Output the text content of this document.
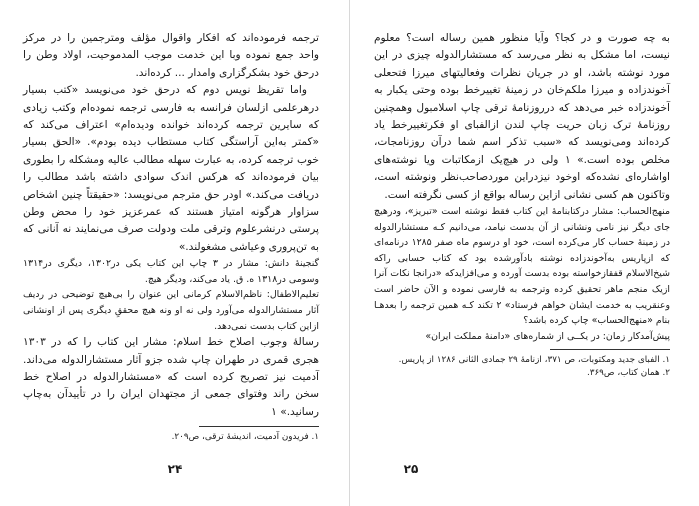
ترجمه فرموده‌اند که افکار واقوال مؤلف ومترجمین را در مرکز واحد جمع نموده وبا این خدمت موجب المدموحیت، اولاد وطن را درحق خود بشکرگزاری وامدار ... کرده‌اند.

واما تقریظ نویس دوم که درحق خود می‌نویسد «کتب بسیار درهرعلمی ازلسان فرانسه به فارسی ترجمه نموده‌ام وکتب زیادی که سایرین ترجمه کرده‌اند خوانده ودیده‌ام» اعتراف می‌کند که «کمتر به‌این آراستگی کتاب مستطاب دیده بودم». «الحق بسیار خوب ترجمه کرده، به عبارت سهله مطالب عالیه ومشکله را بطوری بیان فرموده‌اند که هرکس اندک سوادی داشته باشد مطالب را دریافت می‌کند.» اودر حق مترجم می‌نویسد: «حقیقتاً چنین اشخاص سزاوار هرگونه امتیاز هستند که عمرعزیز خود را محض وطن پرستی درنشرعلوم وترقی ملت ودولت صرف می‌نمایند نه آنانی که به تن‌پروری وعیاشی مشغولند.»

گنجینهٔ دانش: مشار در ۳ چاپ این کتاب یکی در۱۳۰۲، دیگری در۱۳۱۴ وسومی در۱۳۱۸ ه. ق. یاد می‌کند، ودیگر هیچ.

تعلیم‌الاطفال: ناظم‌الاسلام کرمانی این عنوان را بی‌هیچ توضیحی در ردیف آثار مستشارالدوله می‌آورد ولی نه او ونه هیچ محققِ دیگری پس از اونشانی ازاین کتاب بدست نمی‌دهد.

رسالهٔ وجوب اصلاح خط اسلام: مشار این کتاب را که در ۱۳۰۳ هجری قمری در طهران چاپ شده جزو آثار مستشارالدوله می‌داند. آدمیت نیز تصریح کرده است که «مستشارالدوله در اصلاح خط سخن راند وفتوای جمعی از مجتهدان ایران را در تأییدآن به‌چاپ رسانید.» ۱

۱. فریدون آدمیت، اندیشهٔ ترقی، ص۲۰۹.

۲۴

به چه صورت و در کجا؟ وآیا منظور همین رساله است؟ معلوم نیست، اما مشکل به نظر می‌رسد که مستشارالدوله چیزی در این مورد نوشته باشد، او در جریان نظرات وفعالیتهای میرزا فتحعلی آخوندزاده و میرزا ملکم‌خان در زمینهٔ تغییرخط بوده وحتی یکبار به آخوندزاده خبر می‌دهد که درروزنامهٔ ترقی چاپ اسلامبول وهمچنین روزنامهٔ ترک زبان حریت چاپ لندن ازالفبای او فکرتغییرخط یاد کرده‌اند ومی‌نویسد که «سبب تذکر اسم شما درآن روزنامجات، مخلص بوده است.» ۱ ولی در هیچ‌یک ازمکاتبات ویا نوشته‌های اواشاره‌ای نشده‌که اوخود نیزدراین موردصاحب‌نظر ونوشته است، وتاکنون هم کسی نشانی ازاین رساله بواقع از کسی نگرفته است.

منهج‌الحساب: مشار درکتابنامهٔ این کتاب فقط نوشته است «تبریز»، ودرهیچ جای دیگر نیز نامی ونشانی از آن بدست نیامد، می‌دانیم کـه مستشارالدوله در زمینهٔ حساب کار می‌کرده است، خود او درسوم ماه صفر ۱۲۸۵ درنامه‌ای که ازپاریس به‌آخوندزاده نوشته بادآورشده بود که کتاب حسابی راکه شیخ‌الاسلام قفقازخواسته بوده بدست آورده و می‌افزایدکه «درانجا نکات آنرا ازیک منجم ماهر تحقیق کرده وترجمه به فارسی نموده و الآن حاضر است وعنقریب به خدمت ایشان خواهم فرستاد» ۲ تکند کـه همین ترجمه را بعدهـا بنام «منهج‌الحساب» چاپ کرده باشد؟

پیش‌آمدکار زمان: در یکــی از شماره‌های «دامنهٔ مملکت ایران»

۱. الفبای جدید ومکتوبات، ص ۳۷۱، ازنامهٔ ۲۹ جمادی الثانی ۱۲۸۶ از پاریس.

۲. همان کتاب، ص۳۶۹.

۲۵
